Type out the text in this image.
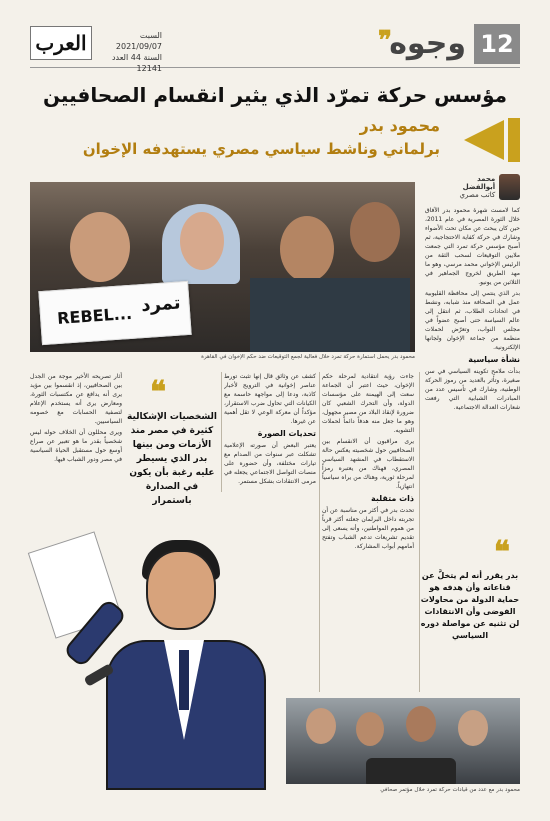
12
وجوه
❞
السبت 2021/09/07
السنة 44 العدد 12141
العرب
مؤسس حركة تمرّد الذي يثير انقسام الصحافيين
محمود بدر
برلماني وناشط سياسي مصري يستهدفه الإخوان
محمد أبوالفضل
كاتب مصري

كما لامست شهرة محمود بدر الآفاق خلال الثورة المصرية في عام 2011، حين كان يبحث عن مكان تحت الأضواء وشارك في حركة كفاية الاحتجاجية، ثم أصبح مؤسس حركة تمرد التي جمعت ملايين التوقيعات لسحب الثقة من الرئيس الإخواني محمد مرسي، وهو ما مهد الطريق لخروج الجماهير في الثلاثين من يونيو.

بدر الذي ينتمي إلى محافظة القليوبية عمل في الصحافة منذ شبابه، ونشط في اتحادات الطلاب، ثم انتقل إلى عالم السياسة حتى أصبح عضواً في مجلس النواب، وتعرّض لحملات منظمة من جماعة الإخوان ولجانها الإلكترونية.

نشأة سياسية

بدأت ملامح تكوينه السياسي في سن صغيرة، وتأثر بالعديد من رموز الحركة الوطنية، وشارك في تأسيس عدد من المبادرات الشبابية التي رفعت شعارات العدالة الاجتماعية.

REBEL... تمرد
محمود بدر يحمل استمارة حركة تمرد خلال فعالية لجمع التوقيعات ضد حكم الإخوان في القاهرة

جاءت رؤية انتقادية لمرحلة حكم الإخوان، حيث اعتبر أن الجماعة سعت إلى الهيمنة على مؤسسات الدولة، وأن التحرك الشعبي كان ضرورة لإنقاذ البلاد من مصير مجهول، وهو ما جعل منه هدفاً دائماً لحملات التشويه.

يرى مراقبون أن الانقسام بين الصحافيين حول شخصيته يعكس حالة الاستقطاب في المشهد السياسي المصري، فهناك من يعتبره رمزاً لمرحلة ثورية، وهناك من يراه سياسياً انتهازياً.

ذات متقلبة

تحدث بدر في أكثر من مناسبة عن أن تجربته داخل البرلمان جعلته أكثر قرباً من هموم المواطنين، وأنه يسعى إلى تقديم تشريعات تدعم الشباب وتفتح أمامهم أبواب المشاركة.

كشف عن وثائق قال إنها تثبت تورط عناصر إخوانية في الترويج لأخبار كاذبة، ودعا إلى مواجهة حاسمة مع الكيانات التي تحاول ضرب الاستقرار، مؤكداً أن معركة الوعي لا تقل أهمية عن غيرها.

تحديات الصورة

يعتبر البعض أن صورته الإعلامية تشكلت عبر سنوات من الصدام مع تيارات مختلفة، وأن حضوره على منصات التواصل الاجتماعي يجعله في مرمى الانتقادات بشكل مستمر.

أثار تصريحه الأخير موجة من الجدل بين الصحافيين، إذ انقسموا بين مؤيد يرى أنه يدافع عن مكتسبات الثورة، ومعارض يرى أنه يستخدم الإعلام لتصفية الحسابات مع خصومه السياسيين.

ويرى محللون أن الخلاف حوله ليس شخصياً بقدر ما هو تعبير عن صراع أوسع حول مستقبل الحياة السياسية في مصر ودور الشباب فيها.

❝
الشخصيات الإشكالية كثيرة في مصر منذ الأزمات ومن بينها بدر الذي يسيطر عليه رغبة بأن يكون في الصدارة باستمرار
❝
بدر يقرر أنه لم يتخلَّ عن قناعاته وأن هدفه هو حماية الدولة من محاولات الفوضى وأن الانتقادات لن تثنيه عن مواصلة دوره السياسي
محمود بدر مع عدد من قيادات حركة تمرد خلال مؤتمر صحافي
